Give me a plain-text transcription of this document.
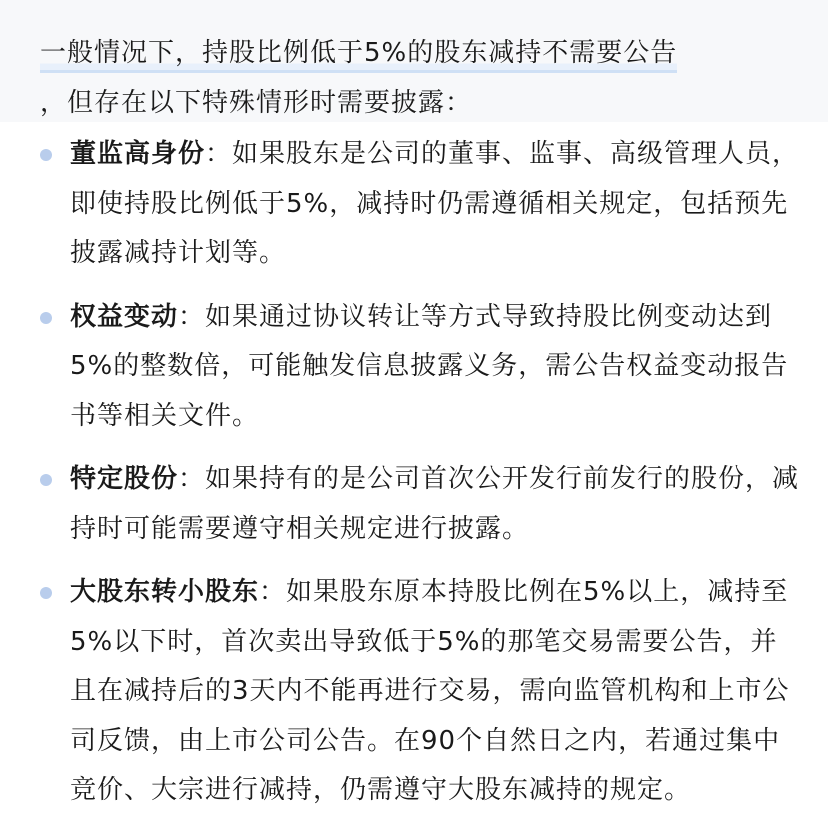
一般情况下，持股比例低于5%的股东减持不需要公告
，但存在以下特殊情形时需要披露：
董监高身份：如果股东是公司的董事、监事、高级管理人员，即使持股比例低于5%，减持时仍需遵循相关规定，包括预先披露减持计划等。
权益变动：如果通过协议转让等方式导致持股比例变动达到5%的整数倍，可能触发信息披露义务，需公告权益变动报告书等相关文件。
特定股份：如果持有的是公司首次公开发行前发行的股份，减持时可能需要遵守相关规定进行披露。
大股东转小股东：如果股东原本持股比例在5%以上，减持至5%以下时，首次卖出导致低于5%的那笔交易需要公告，并且在减持后的3天内不能再进行交易，需向监管机构和上市公司反馈，由上市公司公告。在90个自然日之内，若通过集中竞价、大宗进行减持，仍需遵守大股东减持的规定。
